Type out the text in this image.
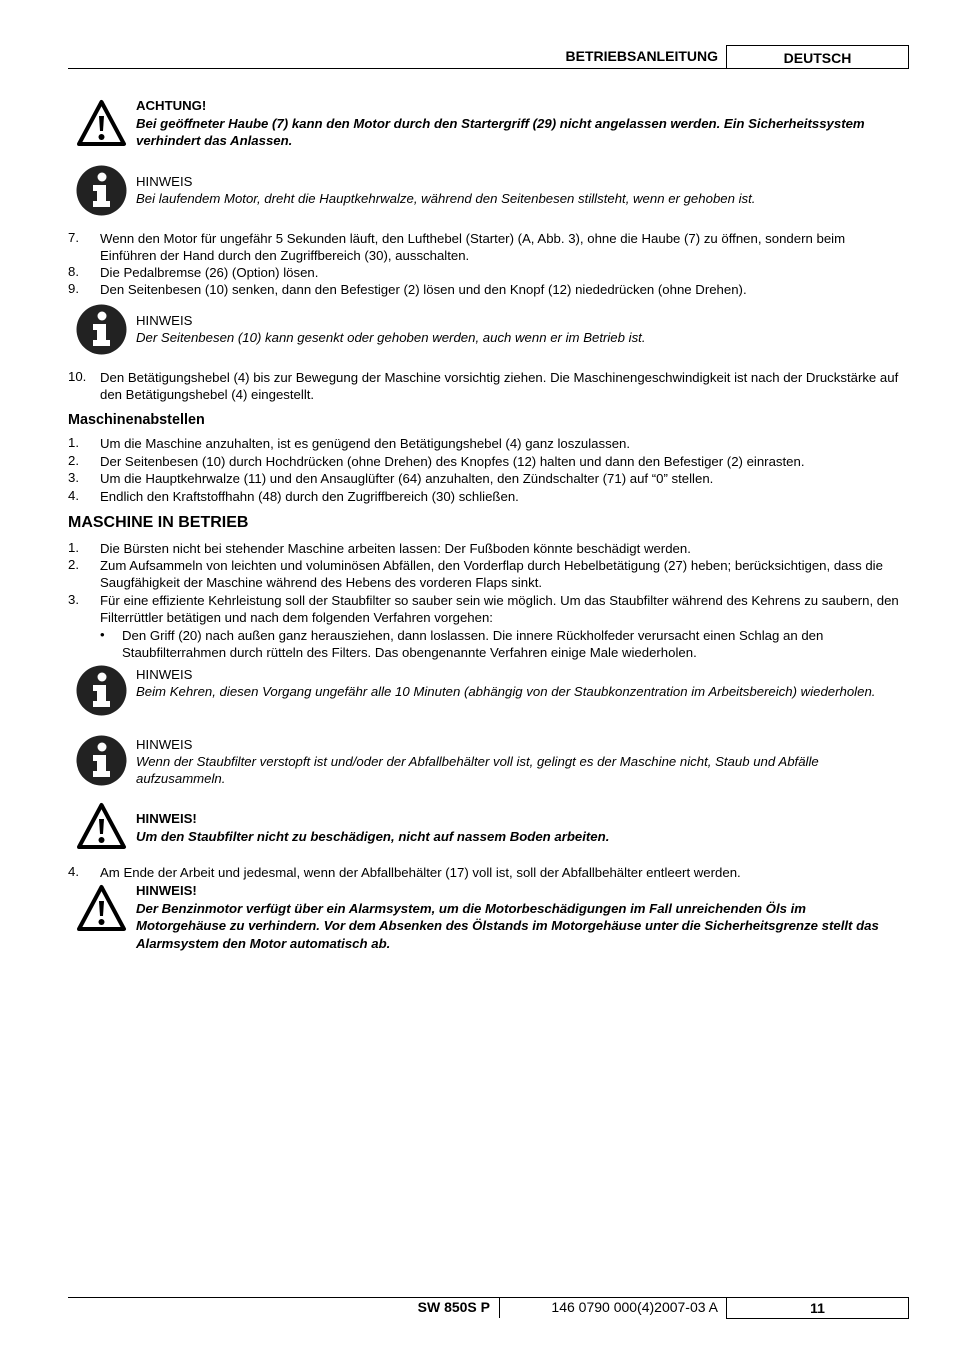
BETRIEBSANLEITUNG	DEUTSCH
ACHTUNG!
Bei geöffneter Haube (7) kann den Motor durch den Startergriff (29) nicht angelassen werden. Ein Sicherheitssystem verhindert das Anlassen.
HINWEIS
Bei laufendem Motor, dreht die Hauptkehrwalze, während den Seitenbesen stillsteht, wenn er gehoben ist.
7. Wenn den Motor für ungefähr 5 Sekunden läuft, den Lufthebel (Starter) (A, Abb. 3), ohne die Haube (7) zu öffnen, sondern beim Einführen der Hand durch den Zugriffbereich (30), ausschalten.
8. Die Pedalbremse (26) (Option) lösen.
9. Den Seitenbesen (10) senken, dann den Befestiger (2) lösen und den Knopf (12) niededrücken (ohne Drehen).
HINWEIS
Der Seitenbesen (10) kann gesenkt oder gehoben werden, auch wenn er im Betrieb ist.
10. Den Betätigungshebel (4) bis zur Bewegung der Maschine vorsichtig ziehen. Die Maschinengeschwindigkeit ist nach der Druckstärke auf den Betätigungshebel (4) eingestellt.
Maschinenabstellen
1. Um die Maschine anzuhalten, ist es genügend den Betätigungshebel (4) ganz loszulassen.
2. Der Seitenbesen (10) durch Hochdrücken (ohne Drehen) des Knopfes (12) halten und dann den Befestiger (2) einrasten.
3. Um die Hauptkehrwalze (11) und den Ansauglüfter (64) anzuhalten, den Zündschalter (71) auf “0” stellen.
4. Endlich den Kraftstoffhahn (48) durch den Zugriffbereich (30) schließen.
MASCHINE IN BETRIEB
1. Die Bürsten nicht bei stehender Maschine arbeiten lassen: Der Fußboden könnte beschädigt werden.
2. Zum Aufsammeln von leichten und voluminösen Abfällen, den Vorderflap durch Hebelbetätigung (27) heben; berücksichtigen, dass die Saugfähigkeit der Maschine während des Hebens des vorderen Flaps sinkt.
3. Für eine effiziente Kehrleistung soll der Staubfilter so sauber sein wie möglich. Um das Staubfilter während des Kehrens zu saubern, den Filterrüttler betätigen und nach dem folgenden Verfahren vorgehen:
• Den Griff (20) nach außen ganz herausziehen, dann loslassen. Die innere Rückholfeder verursacht einen Schlag an den Staubfilterrahmen durch rütteln des Filters. Das obengenannte Verfahren einige Male wiederholen.
HINWEIS
Beim Kehren, diesen Vorgang ungefähr alle 10 Minuten (abhängig von der Staubkonzentration im Arbeitsbereich) wiederholen.
HINWEIS
Wenn der Staubfilter verstopft ist und/oder der Abfallbehälter voll ist, gelingt es der Maschine nicht, Staub und Abfälle aufzusammeln.
HINWEIS!
Um den Staubfilter nicht zu beschädigen, nicht auf nassem Boden arbeiten.
4. Am Ende der Arbeit und jedesmal, wenn der Abfallbehälter (17) voll ist, soll der Abfallbehälter entleert werden.
HINWEIS!
Der Benzinmotor verfügt über ein Alarmsystem, um die Motorbeschädigungen im Fall unreichenden Öls im Motorgehäuse zu verhindern. Vor dem Absenken des Ölstands im Motorgehäuse unter die Sicherheitsgrenze stellt das Alarmsystem den Motor automatisch ab.
SW 850S P	146 0790 000(4)2007-03 A	11
